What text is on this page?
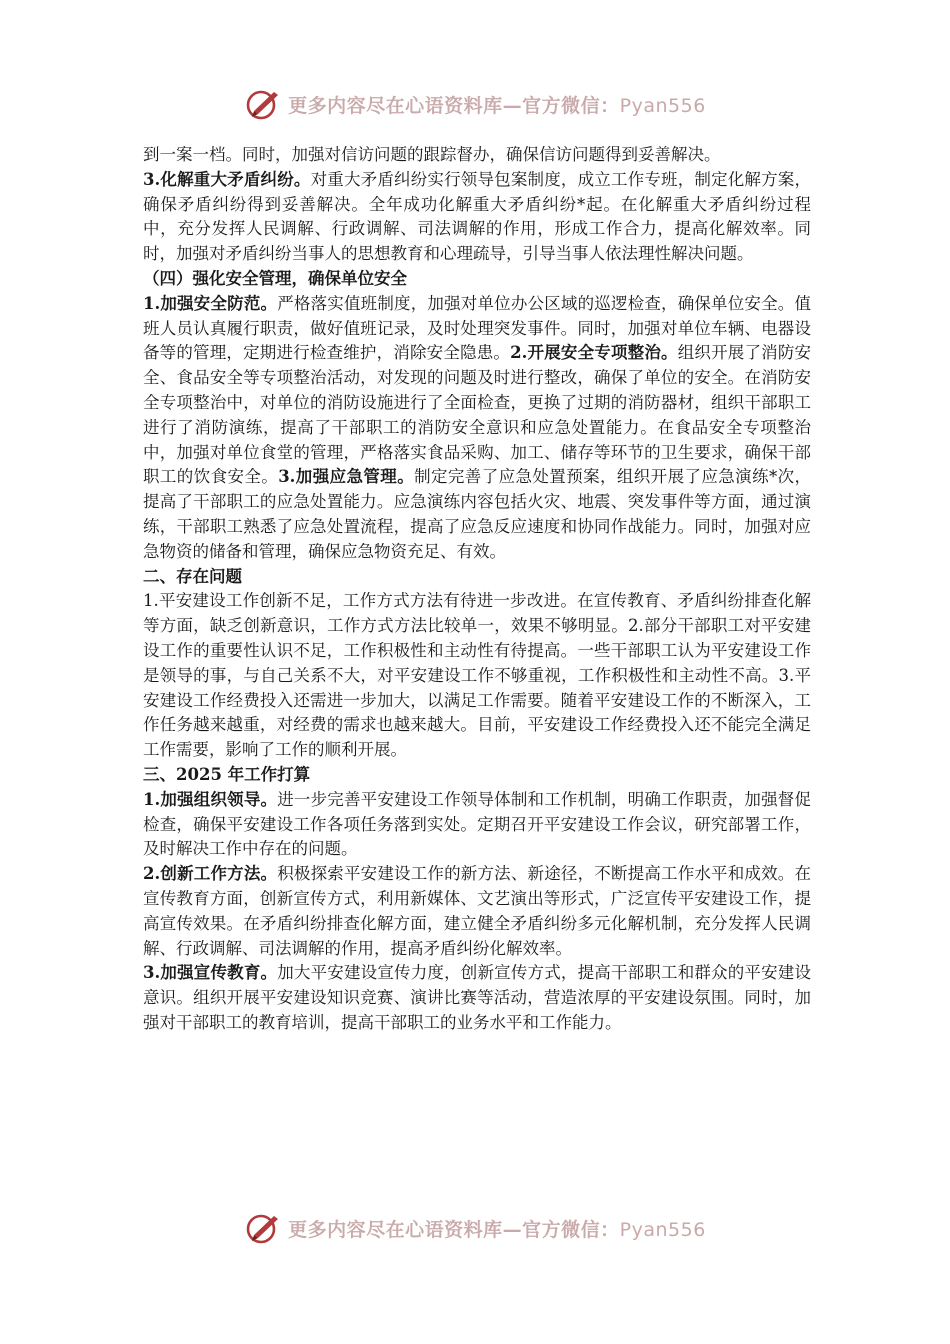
更多内容尽在心语资料库—官方微信：Pyan556

到一案一档。同时，加强对信访问题的跟踪督办，确保信访问题得到妥善解决。

3.化解重大矛盾纠纷。对重大矛盾纠纷实行领导包案制度，成立工作专班，制定化解方案，确保矛盾纠纷得到妥善解决。全年成功化解重大矛盾纠纷*起。在化解重大矛盾纠纷过程中，充分发挥人民调解、行政调解、司法调解的作用，形成工作合力，提高化解效率。同时，加强对矛盾纠纷当事人的思想教育和心理疏导，引导当事人依法理性解决问题。

（四）强化安全管理，确保单位安全

1.加强安全防范。严格落实值班制度，加强对单位办公区域的巡逻检查，确保单位安全。值班人员认真履行职责，做好值班记录，及时处理突发事件。同时，加强对单位车辆、电器设备等的管理，定期进行检查维护，消除安全隐患。2.开展安全专项整治。组织开展了消防安全、食品安全等专项整治活动，对发现的问题及时进行整改，确保了单位的安全。在消防安全专项整治中，对单位的消防设施进行了全面检查，更换了过期的消防器材，组织干部职工进行了消防演练，提高了干部职工的消防安全意识和应急处置能力。在食品安全专项整治中，加强对单位食堂的管理，严格落实食品采购、加工、储存等环节的卫生要求，确保干部职工的饮食安全。3.加强应急管理。制定完善了应急处置预案，组织开展了应急演练*次，提高了干部职工的应急处置能力。应急演练内容包括火灾、地震、突发事件等方面，通过演练，干部职工熟悉了应急处置流程，提高了应急反应速度和协同作战能力。同时，加强对应急物资的储备和管理，确保应急物资充足、有效。

二、存在问题

1.平安建设工作创新不足，工作方式方法有待进一步改进。在宣传教育、矛盾纠纷排查化解等方面，缺乏创新意识，工作方式方法比较单一，效果不够明显。2.部分干部职工对平安建设工作的重要性认识不足，工作积极性和主动性有待提高。一些干部职工认为平安建设工作是领导的事，与自己关系不大，对平安建设工作不够重视，工作积极性和主动性不高。3.平安建设工作经费投入还需进一步加大，以满足工作需要。随着平安建设工作的不断深入，工作任务越来越重，对经费的需求也越来越大。目前，平安建设工作经费投入还不能完全满足工作需要，影响了工作的顺利开展。

三、2025 年工作打算

1.加强组织领导。进一步完善平安建设工作领导体制和工作机制，明确工作职责，加强督促检查，确保平安建设工作各项任务落到实处。定期召开平安建设工作会议，研究部署工作，及时解决工作中存在的问题。

2.创新工作方法。积极探索平安建设工作的新方法、新途径，不断提高工作水平和成效。在宣传教育方面，创新宣传方式，利用新媒体、文艺演出等形式，广泛宣传平安建设工作，提高宣传效果。在矛盾纠纷排查化解方面，建立健全矛盾纠纷多元化解机制，充分发挥人民调解、行政调解、司法调解的作用，提高矛盾纠纷化解效率。

3.加强宣传教育。加大平安建设宣传力度，创新宣传方式，提高干部职工和群众的平安建设意识。组织开展平安建设知识竞赛、演讲比赛等活动，营造浓厚的平安建设氛围。同时，加强对干部职工的教育培训，提高干部职工的业务水平和工作能力。

更多内容尽在心语资料库—官方微信：Pyan556
